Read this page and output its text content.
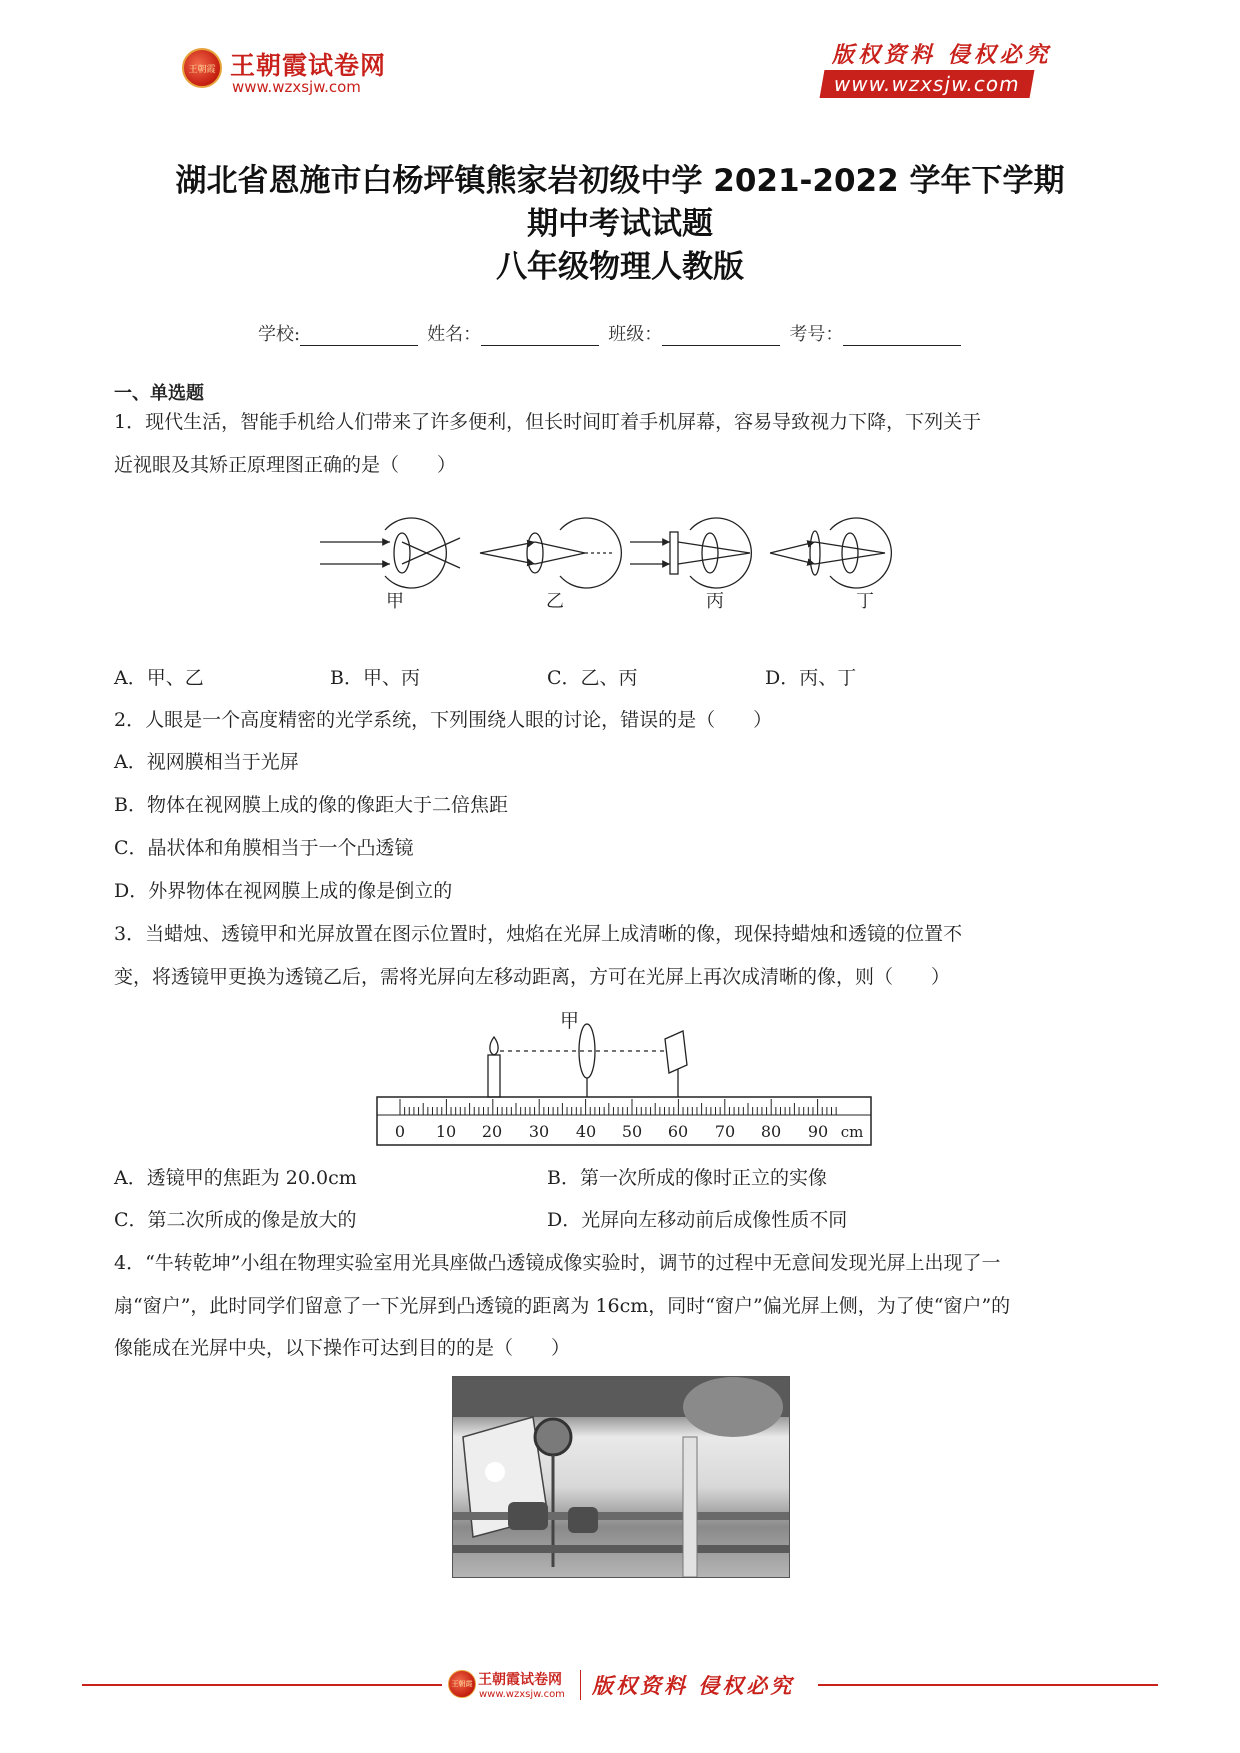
王朝霞 王朝霞试卷网
www.wzxsjw.com
版权资料 侵权必究
www.wzxsjw.com
湖北省恩施市白杨坪镇熊家岩初级中学 2021-2022 学年下学期
期中考试试题
八年级物理人教版
学校:	姓名：	班级：	考号：
一、单选题
1．现代生活，智能手机给人们带来了许多便利，但长时间盯着手机屏幕，容易导致视力下降，下列关于
近视眼及其矫正原理图正确的是（　　）
甲	乙	丙	丁
A．甲、乙	B．甲、丙	C．乙、丙	D．丙、丁
2．人眼是一个高度精密的光学系统，下列围绕人眼的讨论，错误的是（　　）
A．视网膜相当于光屏
B．物体在视网膜上成的像的像距大于二倍焦距
C．晶状体和角膜相当于一个凸透镜
D．外界物体在视网膜上成的像是倒立的
3．当蜡烛、透镜甲和光屏放置在图示位置时，烛焰在光屏上成清晰的像，现保持蜡烛和透镜的位置不
变，将透镜甲更换为透镜乙后，需将光屏向左移动距离，方可在光屏上再次成清晰的像，则（　　）
0 10 20 30 40 50 60 70 80 90 cm
甲
A．透镜甲的焦距为 20.0cm	B．第一次所成的像时正立的实像
C．第二次所成的像是放大的	D．光屏向左移动前后成像性质不同
4．“牛转乾坤”小组在物理实验室用光具座做凸透镜成像实验时，调节的过程中无意间发现光屏上出现了一
扇“窗户”，此时同学们留意了一下光屏到凸透镜的距离为 16cm，同时“窗户”偏光屏上侧，为了使“窗户”的
像能成在光屏中央，以下操作可达到目的的是（　　）
王朝霞 王朝霞试卷网
www.wzxsjw.com 版权资料 侵权必究
